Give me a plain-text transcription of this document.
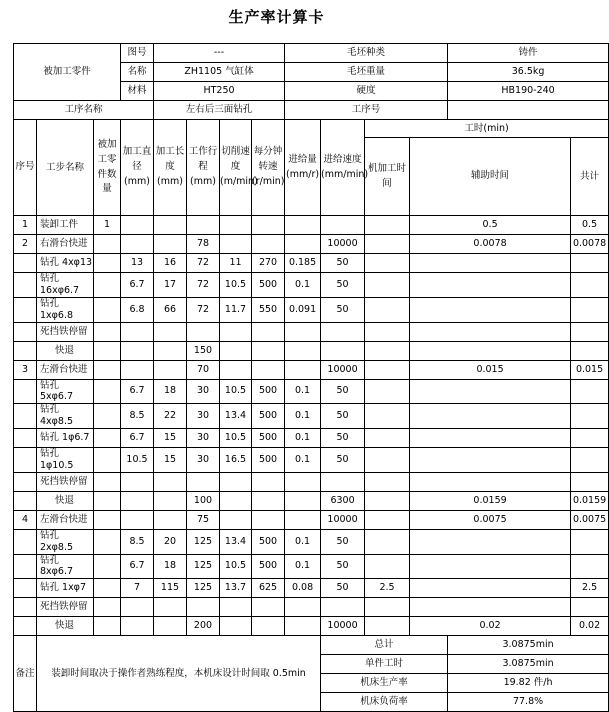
生产率计算卡
被加工零件			图号	---				毛坯种类				铸件	
			名称	ZH1105 气缸体				毛坯重量				36.5kg	
			材料	HT250				硬度				HB190-240	
工序名称				左右后三面钻孔				工序号					
序号	工步名称	被加工零件数量	加工直径(mm)	加工长度(mm)	工作行程(mm)	切削速度(m/min)	每分钟转速(r/min)	进给量(mm/r)	进给速度(mm/min)	工时(min)			
										机加工时间	辅助时间		共计
1	装卸工件	1									0.5		0.5
2	右滑台快进				78				10000		0.0078		0.0078
	钻孔 4xφ13		13	16	72	11	270	0.185	50				
	钻孔 16xφ6.7		6.7	17	72	10.5	500	0.1	50				
	钻孔 1xφ6.8		6.8	66	72	11.7	550	0.091	50				
	死挡铁停留												
	快退				150								
3	左滑台快进				70				10000		0.015		0.015
	钻孔 5xφ6.7		6.7	18	30	10.5	500	0.1	50				
	钻孔 4xφ8.5		8.5	22	30	13.4	500	0.1	50				
	钻孔 1φ6.7		6.7	15	30	10.5	500	0.1	50				
	钻孔 1φ10.5		10.5	15	30	16.5	500	0.1	50				
	死挡铁停留												
	快退				100				6300		0.0159		0.0159
4	左滑台快进				75				10000		0.0075		0.0075
	钻孔 2xφ8.5		8.5	20	125	13.4	500	0.1	50				
	钻孔 8xφ6.7		6.7	18	125	10.5	500	0.1	50				
	钻孔 1xφ7		7	115	125	13.7	625	0.08	50	2.5			2.5
	死挡铁停留												
	快退				200				10000		0.02		0.02
备注	装卸时间取决于操作者熟练程度，本机床设计时间取 0.5min								总计			3.0875min	
									单件工时			3.0875min	
									机床生产率			19.82 件/h	
									机床负荷率			77.8%	
